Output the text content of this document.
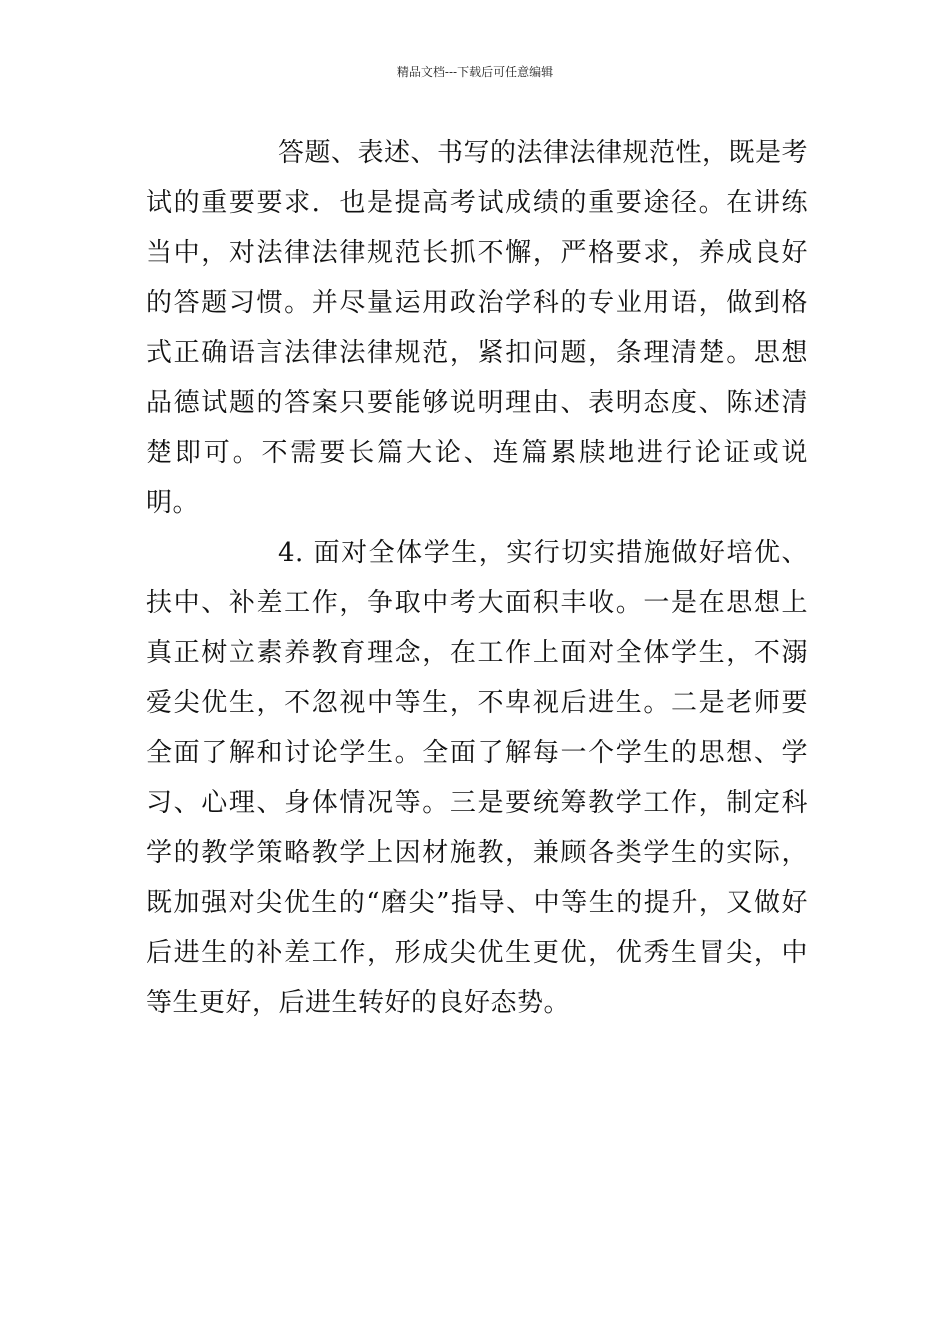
精品文档---下载后可任意编辑

答题、表述、书写的法律法律规范性，既是考试的重要要求．也是提高考试成绩的重要途径。在讲练当中，对法律法律规范长抓不懈，严格要求，养成良好的答题习惯。并尽量运用政治学科的专业用语，做到格式正确语言法律法律规范，紧扣问题，条理清楚。思想品德试题的答案只要能够说明理由、表明态度、陈述清楚即可。不需要长篇大论、连篇累牍地进行论证或说明。

4. 面对全体学生，实行切实措施做好培优、扶中、补差工作，争取中考大面积丰收。一是在思想上真正树立素养教育理念，在工作上面对全体学生，不溺爱尖优生，不忽视中等生，不卑视后进生。二是老师要全面了解和讨论学生。全面了解每一个学生的思想、学习、心理、身体情况等。三是要统筹教学工作，制定科学的教学策略教学上因材施教，兼顾各类学生的实际，既加强对尖优生的“磨尖”指导、中等生的提升，又做好后进生的补差工作，形成尖优生更优，优秀生冒尖，中等生更好，后进生转好的良好态势。
